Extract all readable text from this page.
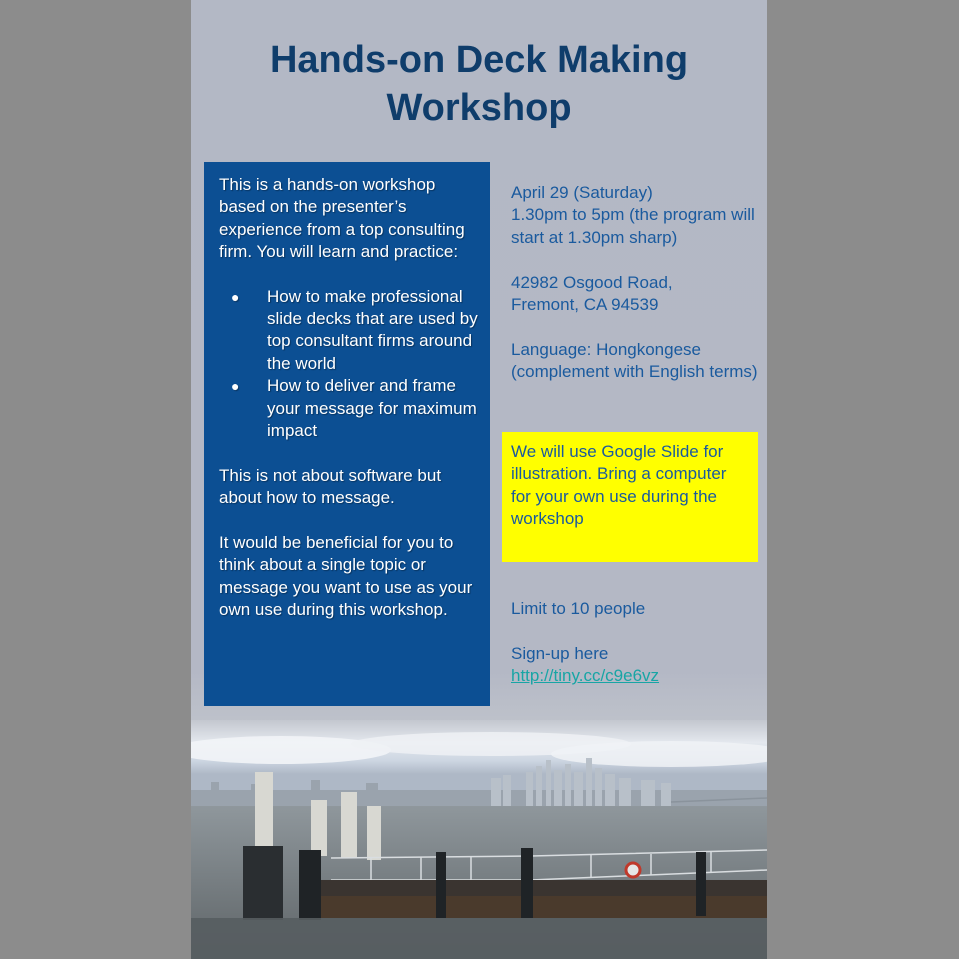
Hands-on Deck Making
Workshop

This is a hands-on workshop based on the presenter’s experience from a top consulting firm. You will learn and practice:

● How to make professional slide decks that are used by top consultant firms around the world
● How to deliver and frame your message for maximum impact

This is not about software but about how to message.

It would be beneficial for you to think about a single topic or message you want to use as your own use during this workshop.

April 29 (Saturday)

1.30pm to 5pm (the program will start at 1.30pm sharp)

42982 Osgood Road,

Fremont, CA 94539

Language: Hongkongese (complement with English terms)

We will use Google Slide for illustration. Bring a computer for your own use during the workshop

Limit to 10 people

Sign-up here

http://tiny.cc/c9e6vz
